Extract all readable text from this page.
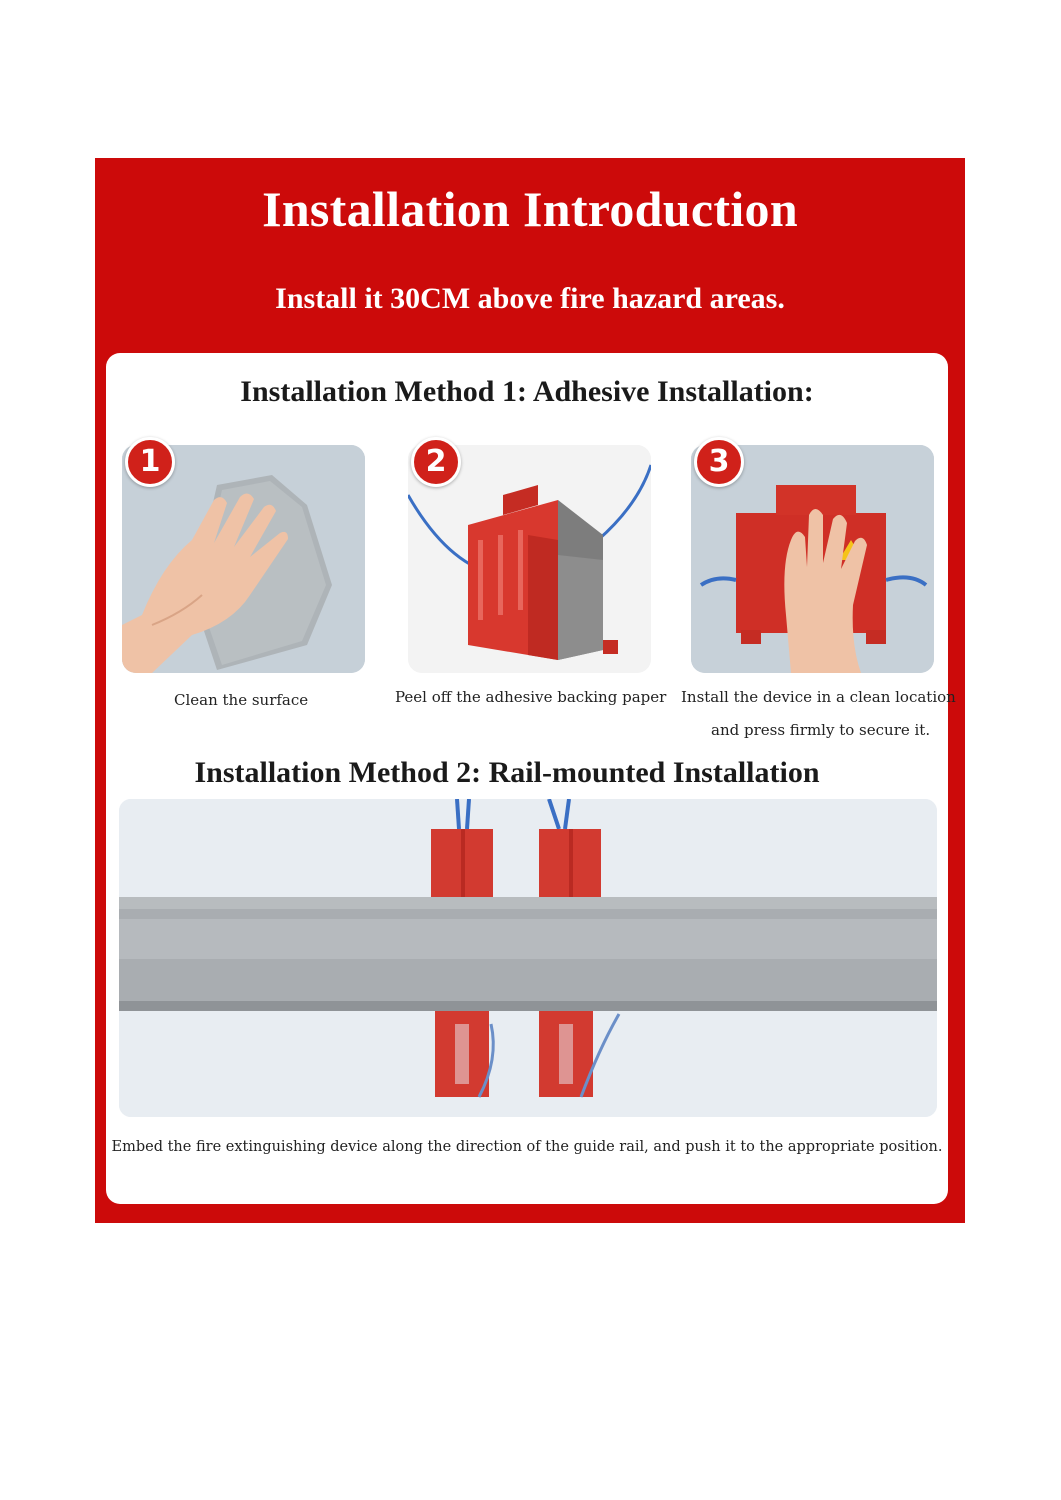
Installation Introduction
Install it 30CM above fire hazard areas.
Installation Method 1: Adhesive Installation:
1
Clean the surface
2
Peel off the adhesive backing paper
3
Install the device in a clean location
and press firmly to secure it.
Installation Method 2: Rail-mounted Installation
Embed the fire extinguishing device along the direction of the guide rail, and push it to the appropriate position.
